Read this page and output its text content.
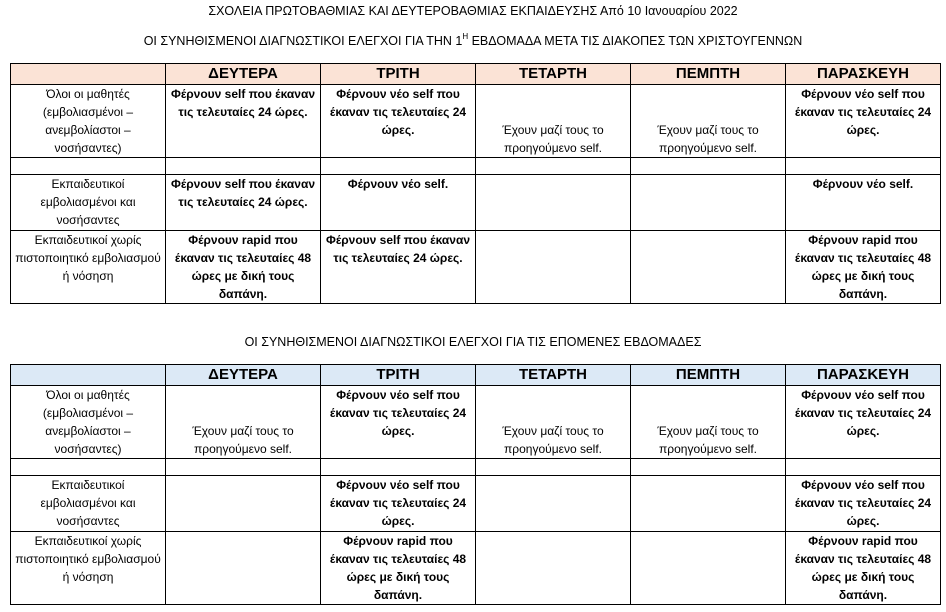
ΣΧΟΛΕΙΑ ΠΡΩΤΟΒΑΘΜΙΑΣ ΚΑΙ ΔΕΥΤΕΡΟΒΑΘΜΙΑΣ ΕΚΠΑΙΔΕΥΣΗΣ Από 10 Ιανουαρίου 2022
ΟΙ ΣΥΝΗΘΙΣΜΕΝΟΙ ΔΙΑΓΝΩΣΤΙΚΟΙ ΕΛΕΓΧΟΙ ΓΙΑ ΤΗΝ $1^H$ ΕΒΔΟΜΑΔΑ ΜΕΤΑ ΤΙΣ ΔΙΑΚΟΠΕΣ ΤΩΝ ΧΡΙΣΤΟΥΓΕΝΝΩΝ
	ΔΕΥΤΕΡΑ	ΤΡΙΤΗ	ΤΕΤΑΡΤΗ	ΠΕΜΠΤΗ	ΠΑΡΑΣΚΕΥΗ
Όλοι οι μαθητές (εμβολιασμένοι – ανεμβολίαστοι – νοσήσαντες)	Φέρνουν self που έκαναν τις τελευταίες 24 ώρες.	Φέρνουν νέο self που έκαναν τις τελευταίες 24 ώρες.	Έχουν μαζί τους το προηγούμενο self.	Έχουν μαζί τους το προηγούμενο self.	Φέρνουν νέο self που έκαναν τις τελευταίες 24 ώρες.

Εκπαιδευτικοί εμβολιασμένοι και νοσήσαντες	Φέρνουν self που έκαναν τις τελευταίες 24 ώρες.	Φέρνουν νέο self.			Φέρνουν νέο self.
Εκπαιδευτικοί χωρίς πιστοποιητικό εμβολιασμού ή νόσηση	Φέρνουν rapid που έκαναν τις τελευταίες 48 ώρες με δική τους δαπάνη.	Φέρνουν self που έκαναν τις τελευταίες 24 ώρες.			Φέρνουν rapid που έκαναν τις τελευταίες 48 ώρες με δική τους δαπάνη.
ΟΙ ΣΥΝΗΘΙΣΜΕΝΟΙ ΔΙΑΓΝΩΣΤΙΚΟΙ ΕΛΕΓΧΟΙ ΓΙΑ ΤΙΣ ΕΠΟΜΕΝΕΣ ΕΒΔΟΜΑΔΕΣ
	ΔΕΥΤΕΡΑ	ΤΡΙΤΗ	ΤΕΤΑΡΤΗ	ΠΕΜΠΤΗ	ΠΑΡΑΣΚΕΥΗ
Όλοι οι μαθητές (εμβολιασμένοι – ανεμβολίαστοι – νοσήσαντες)	Έχουν μαζί τους το προηγούμενο self.	Φέρνουν νέο self που έκαναν τις τελευταίες 24 ώρες.	Έχουν μαζί τους το προηγούμενο self.	Έχουν μαζί τους το προηγούμενο self.	Φέρνουν νέο self που έκαναν τις τελευταίες 24 ώρες.

Εκπαιδευτικοί εμβολιασμένοι και νοσήσαντες		Φέρνουν νέο self που έκαναν τις τελευταίες 24 ώρες.			Φέρνουν νέο self που έκαναν τις τελευταίες 24 ώρες.
Εκπαιδευτικοί χωρίς πιστοποιητικό εμβολιασμού ή νόσηση		Φέρνουν rapid που έκαναν τις τελευταίες 48 ώρες με δική τους δαπάνη.			Φέρνουν rapid που έκαναν τις τελευταίες 48 ώρες με δική τους δαπάνη.
